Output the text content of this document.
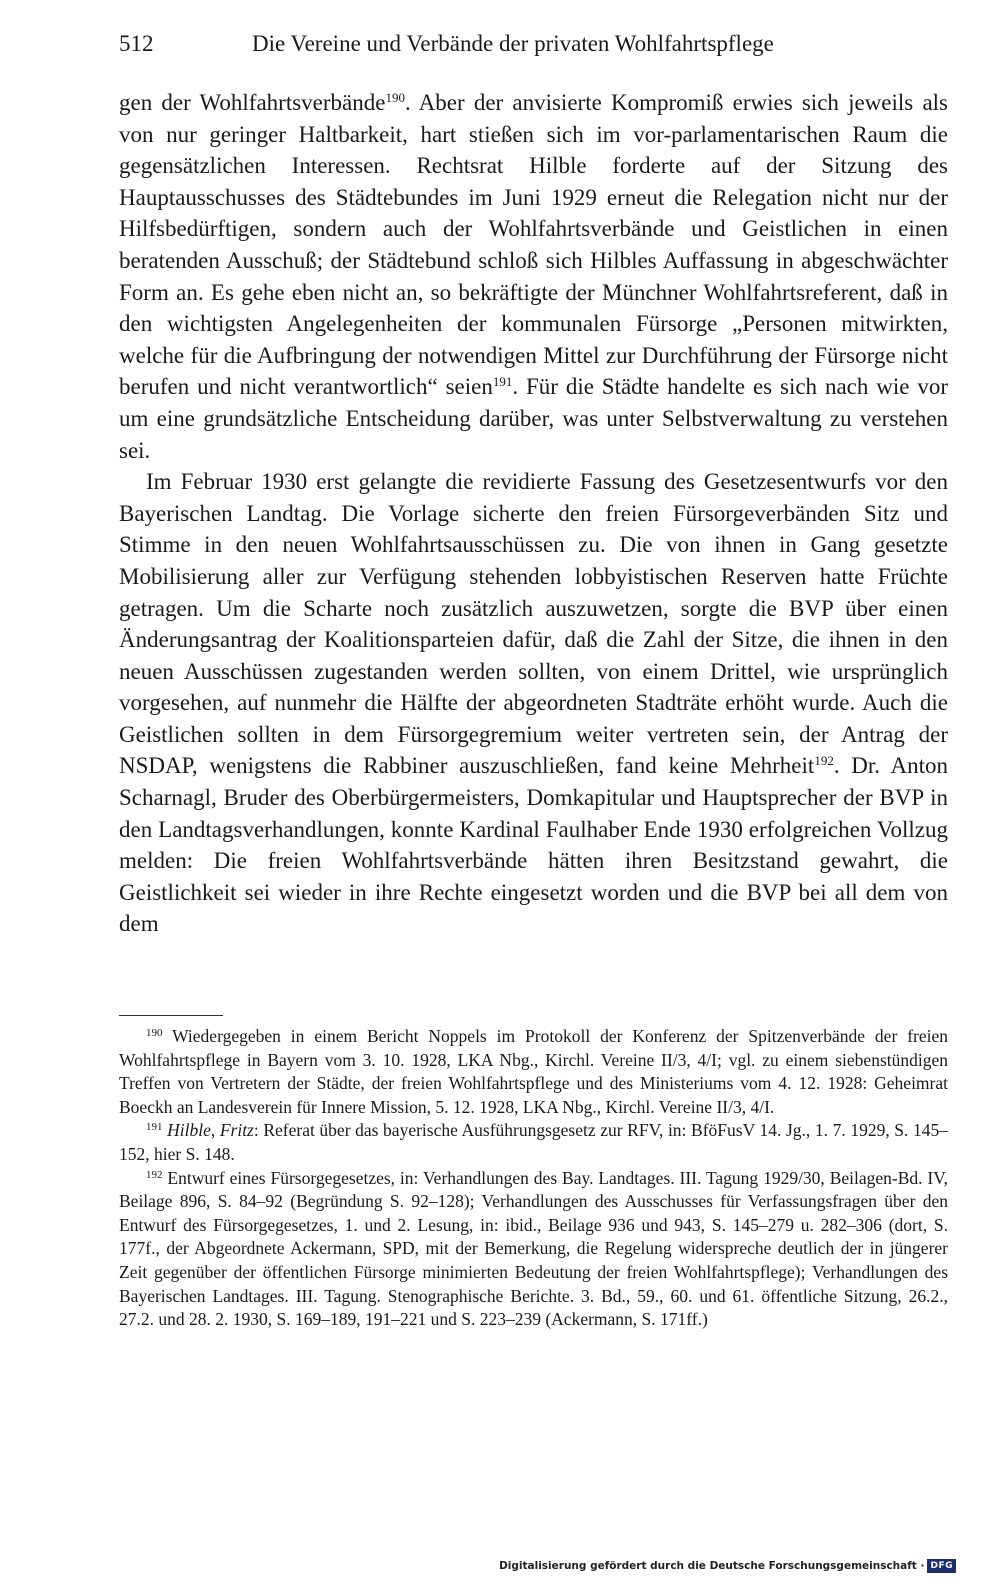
512	Die Vereine und Verbände der privaten Wohlfahrtspflege

gen der Wohlfahrtsverbände$^{190}$. Aber der anvisierte Kompromiß erwies sich jeweils als von nur geringer Haltbarkeit, hart stießen sich im vor-parlamentarischen Raum die gegensätzlichen Interessen. Rechtsrat Hilble forderte auf der Sitzung des Hauptausschusses des Städtebundes im Juni 1929 erneut die Relegation nicht nur der Hilfsbedürftigen, sondern auch der Wohlfahrtsverbände und Geistlichen in einen beratenden Ausschuß; der Städtebund schloß sich Hilbles Auffassung in abgeschwächter Form an. Es gehe eben nicht an, so bekräftigte der Münchner Wohlfahrtsreferent, daß in den wichtigsten Angelegenheiten der kommunalen Fürsorge „Personen mitwirkten, welche für die Aufbringung der notwendigen Mittel zur Durchführung der Fürsorge nicht berufen und nicht verantwortlich“ seien$^{191}$. Für die Städte handelte es sich nach wie vor um eine grundsätzliche Entscheidung darüber, was unter Selbstverwaltung zu verstehen sei.

Im Februar 1930 erst gelangte die revidierte Fassung des Gesetzesentwurfs vor den Bayerischen Landtag. Die Vorlage sicherte den freien Fürsorgeverbänden Sitz und Stimme in den neuen Wohlfahrtsausschüssen zu. Die von ihnen in Gang gesetzte Mobilisierung aller zur Verfügung stehenden lobbyistischen Reserven hatte Früchte getragen. Um die Scharte noch zusätzlich auszuwetzen, sorgte die BVP über einen Änderungsantrag der Koalitionsparteien dafür, daß die Zahl der Sitze, die ihnen in den neuen Ausschüssen zugestanden werden sollten, von einem Drittel, wie ursprünglich vorgesehen, auf nunmehr die Hälfte der abgeordneten Stadträte erhöht wurde. Auch die Geistlichen sollten in dem Fürsorgegremium weiter vertreten sein, der Antrag der NSDAP, wenigstens die Rabbiner auszuschließen, fand keine Mehrheit$^{192}$. Dr. Anton Scharnagl, Bruder des Oberbürgermeisters, Domkapitular und Hauptsprecher der BVP in den Landtagsverhandlungen, konnte Kardinal Faulhaber Ende 1930 erfolgreichen Vollzug melden: Die freien Wohlfahrtsverbände hätten ihren Besitzstand gewahrt, die Geistlichkeit sei wieder in ihre Rechte eingesetzt worden und die BVP bei all dem von dem

$^{190}$ Wiedergegeben in einem Bericht Noppels im Protokoll der Konferenz der Spitzenverbände der freien Wohlfahrtspflege in Bayern vom 3. 10. 1928, LKA Nbg., Kirchl. Vereine II/3, 4/I; vgl. zu einem siebenstündigen Treffen von Vertretern der Städte, der freien Wohlfahrtspflege und des Ministeriums vom 4. 12. 1928: Geheimrat Boeckh an Landesverein für Innere Mission, 5. 12. 1928, LKA Nbg., Kirchl. Vereine II/3, 4/I.

$^{191}$ Hilble, Fritz: Referat über das bayerische Ausführungsgesetz zur RFV, in: BföFusV 14. Jg., 1. 7. 1929, S. 145–152, hier S. 148.

$^{192}$ Entwurf eines Fürsorgegesetzes, in: Verhandlungen des Bay. Landtages. III. Tagung 1929/30, Beilagen-Bd. IV, Beilage 896, S. 84–92 (Begründung S. 92–128); Verhandlungen des Ausschusses für Verfassungsfragen über den Entwurf des Fürsorgegesetzes, 1. und 2. Lesung, in: ibid., Beilage 936 und 943, S. 145–279 u. 282–306 (dort, S. 177f., der Abgeordnete Ackermann, SPD, mit der Bemerkung, die Regelung widerspreche deutlich der in jüngerer Zeit gegenüber der öffentlichen Fürsorge minimierten Bedeutung der freien Wohlfahrtspflege); Verhandlungen des Bayerischen Landtages. III. Tagung. Stenographische Berichte. 3. Bd., 59., 60. und 61. öffentliche Sitzung, 26.2., 27.2. und 28. 2. 1930, S. 169–189, 191–221 und S. 223–239 (Ackermann, S. 171ff.)

Digitalisierung gefördert durch die Deutsche Forschungsgemeinschaft · DFG
